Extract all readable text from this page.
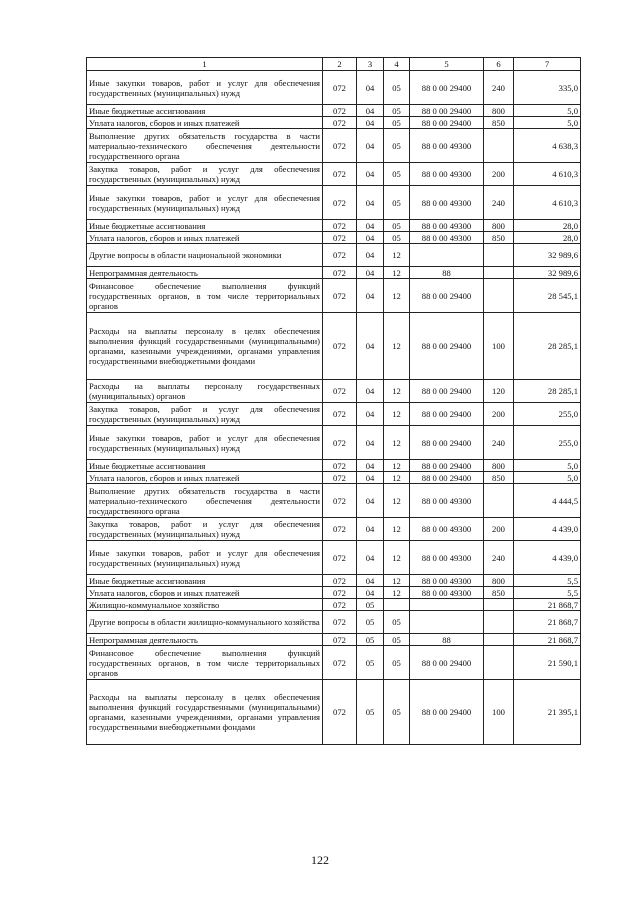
1	2	3	4	5	6	7
Иные закупки товаров, работ и услуг для обеспечения государственных (муниципальных) нужд	072	04	05	88 0 00 29400	240	335,0
Иные бюджетные ассигнования	072	04	05	88 0 00 29400	800	5,0
Уплата налогов, сборов и иных платежей	072	04	05	88 0 00 29400	850	5,0
Выполнение других обязательств государства в части материально-технического обеспечения деятельности государственного органа	072	04	05	88 0 00 49300		4 638,3
Закупка товаров, работ и услуг для обеспечения государственных (муниципальных) нужд	072	04	05	88 0 00 49300	200	4 610,3
Иные закупки товаров, работ и услуг для обеспечения государственных (муниципальных) нужд	072	04	05	88 0 00 49300	240	4 610,3
Иные бюджетные ассигнования	072	04	05	88 0 00 49300	800	28,0
Уплата налогов, сборов и иных платежей	072	04	05	88 0 00 49300	850	28,0
Другие вопросы в области национальной экономики	072	04	12			32 989,6
Непрограммная деятельность	072	04	12	88		32 989,6
Финансовое обеспечение выполнения функций государственных органов, в том числе территориальных органов	072	04	12	88 0 00 29400		28 545,1
Расходы на выплаты персоналу в целях обеспечения выполнения функций государственными (муниципальными) органами, казенными учреждениями, органами управления государственными внебюджетными фондами	072	04	12	88 0 00 29400	100	28 285,1
Расходы на выплаты персоналу государственных (муниципальных) органов	072	04	12	88 0 00 29400	120	28 285,1
Закупка товаров, работ и услуг для обеспечения государственных (муниципальных) нужд	072	04	12	88 0 00 29400	200	255,0
Иные закупки товаров, работ и услуг для обеспечения государственных (муниципальных) нужд	072	04	12	88 0 00 29400	240	255,0
Иные бюджетные ассигнования	072	04	12	88 0 00 29400	800	5,0
Уплата налогов, сборов и иных платежей	072	04	12	88 0 00 29400	850	5,0
Выполнение других обязательств государства в части материально-технического обеспечения деятельности государственного органа	072	04	12	88 0 00 49300		4 444,5
Закупка товаров, работ и услуг для обеспечения государственных (муниципальных) нужд	072	04	12	88 0 00 49300	200	4 439,0
Иные закупки товаров, работ и услуг для обеспечения государственных (муниципальных) нужд	072	04	12	88 0 00 49300	240	4 439,0
Иные бюджетные ассигнования	072	04	12	88 0 00 49300	800	5,5
Уплата налогов, сборов и иных платежей	072	04	12	88 0 00 49300	850	5,5
Жилищно-коммунальное хозяйство	072	05				21 868,7
Другие вопросы в области жилищно-коммунального хозяйства	072	05	05			21 868,7
Непрограммная деятельность	072	05	05	88		21 868,7
Финансовое обеспечение выполнения функций государственных органов, в том числе территориальных органов	072	05	05	88 0 00 29400		21 590,1
Расходы на выплаты персоналу в целях обеспечения выполнения функций государственными (муниципальными) органами, казенными учреждениями, органами управления государственными внебюджетными фондами	072	05	05	88 0 00 29400	100	21 395,1
122
